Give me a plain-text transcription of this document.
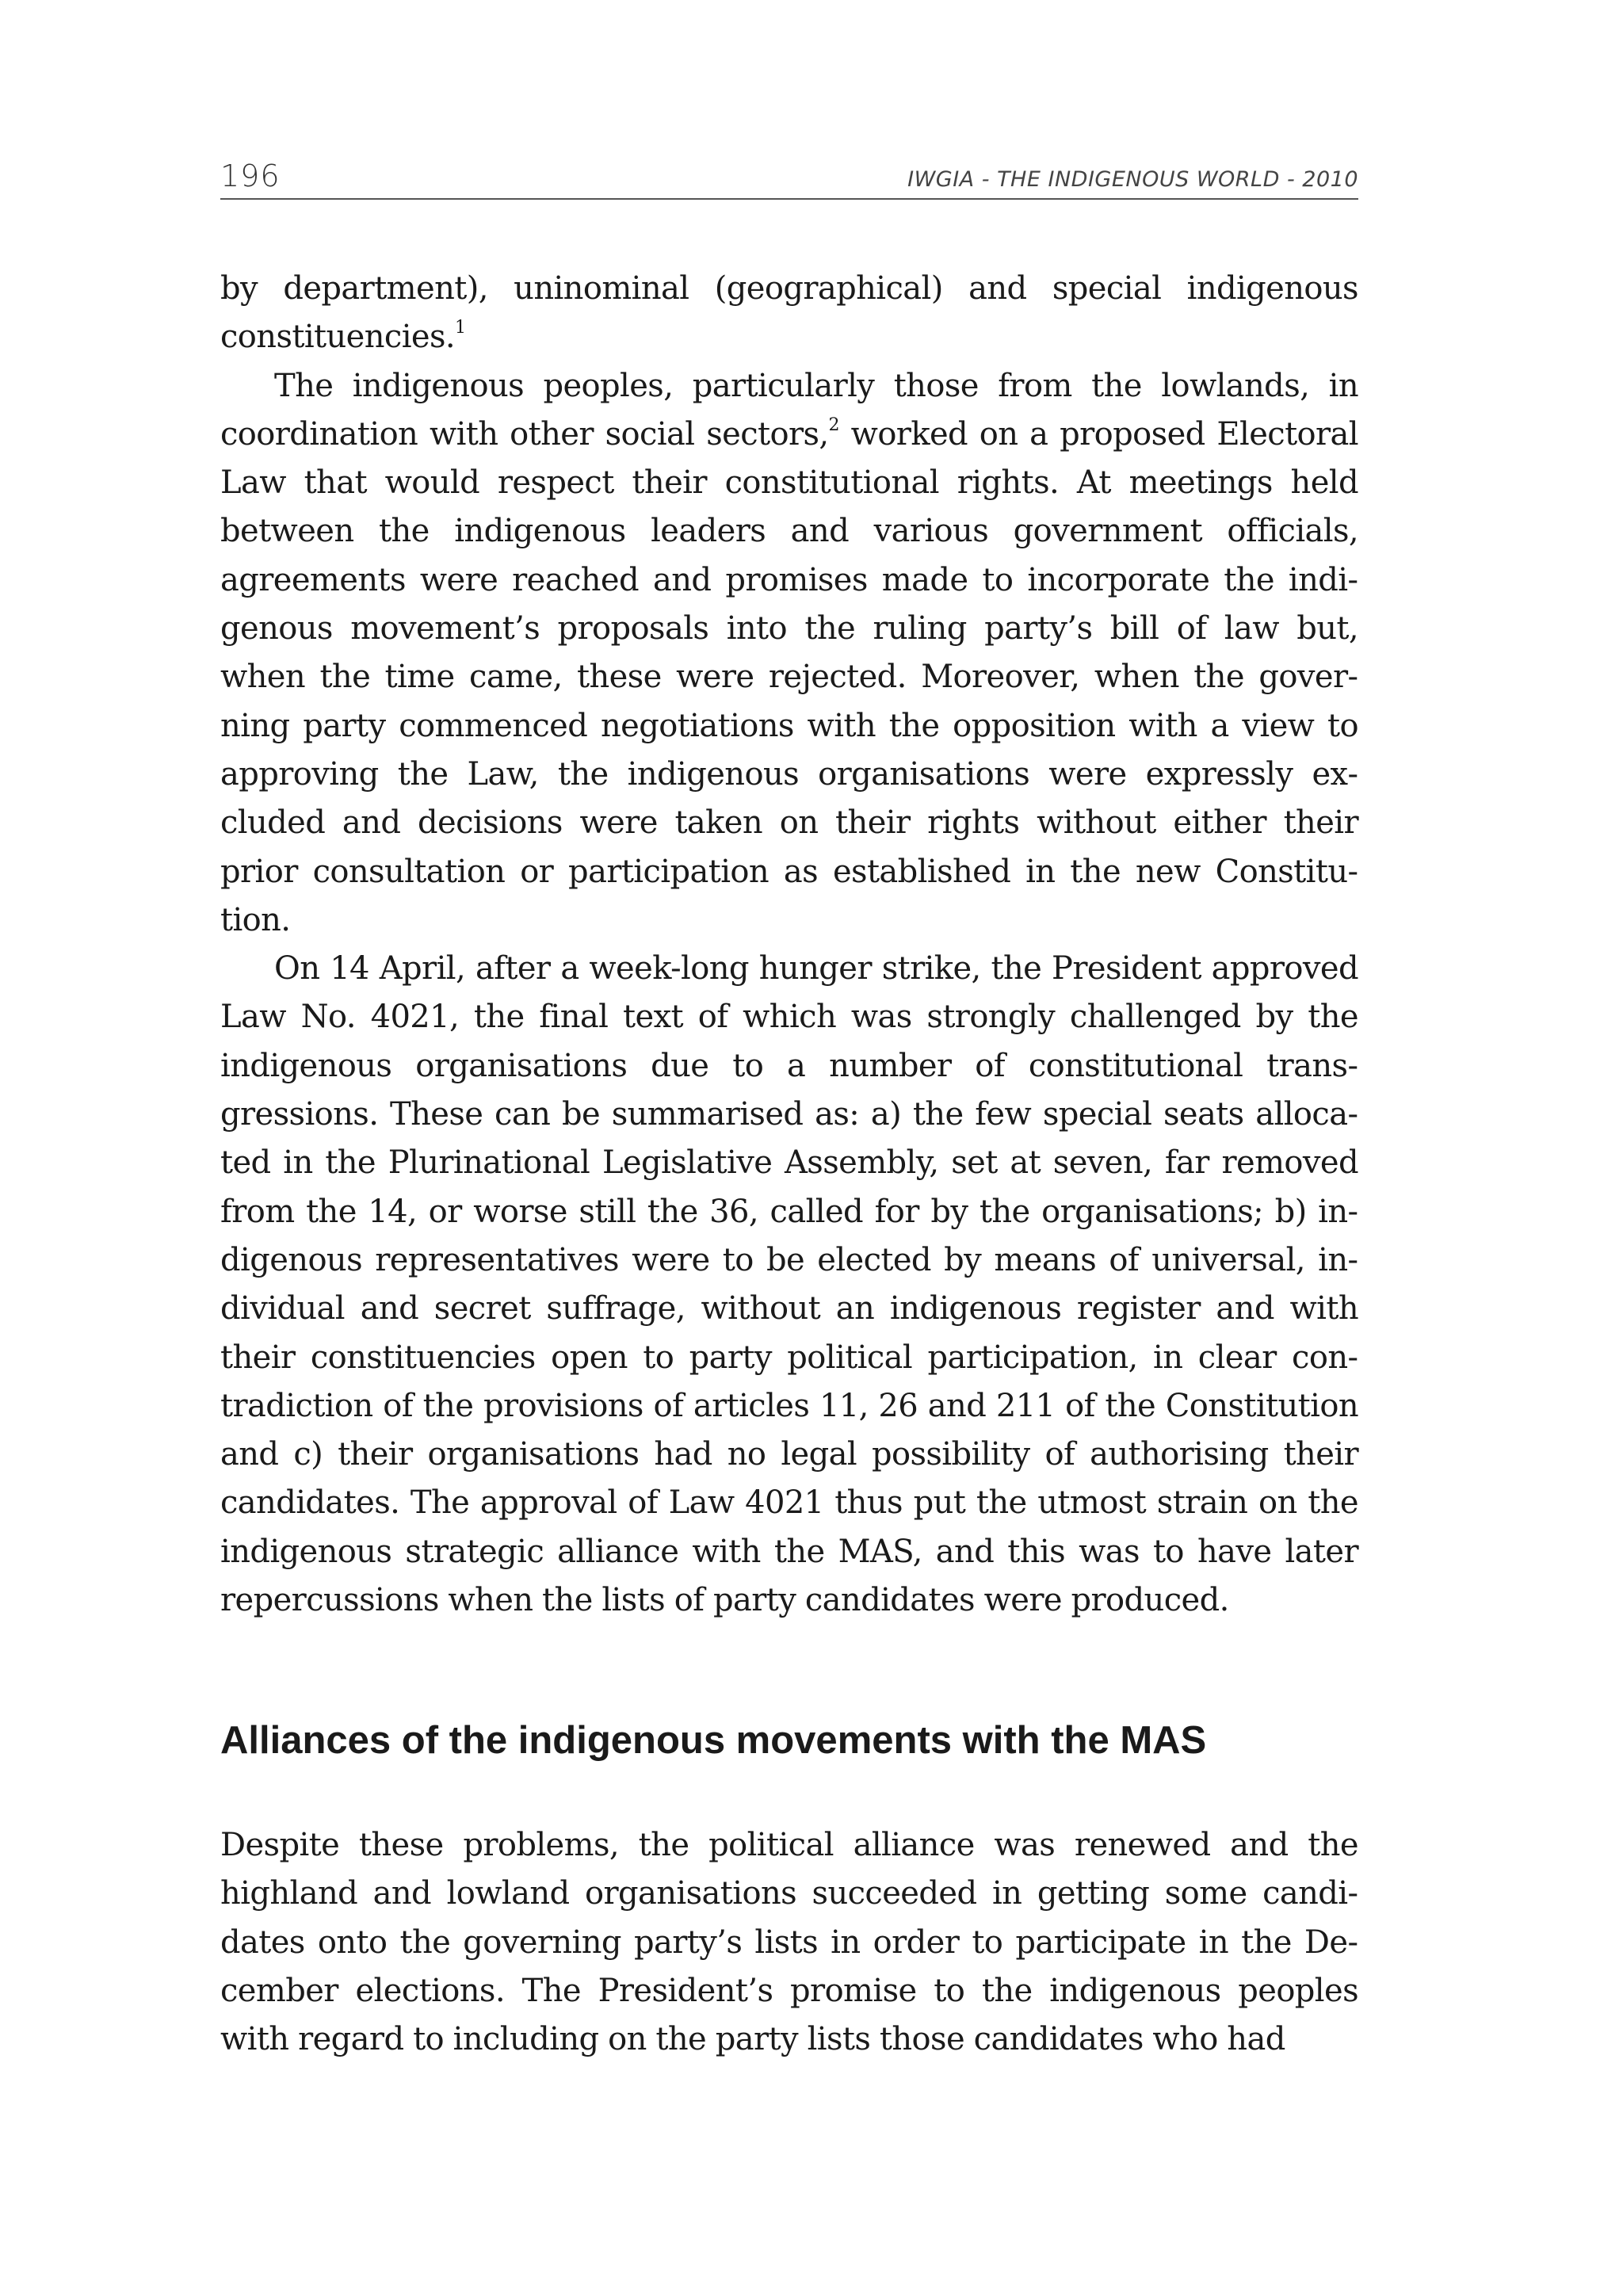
196	IWGIA - THE INDIGENOUS WORLD - 2010

by department), uninominal (geographical) and special indigenous constituencies.$^1$

The indigenous peoples, particularly those from the lowlands, in coordination with other social sectors,$^2$ worked on a proposed Electoral Law that would respect their constitutional rights. At meetings held between the indigenous leaders and various government officials, agreements were reached and promises made to incorporate the indigenous movement’s proposals into the ruling party’s bill of law but, when the time came, these were rejected. Moreover, when the governing party commenced negotiations with the opposition with a view to approving the Law, the indigenous organisations were expressly excluded and decisions were taken on their rights without either their prior consultation or participation as established in the new Constitution.

On 14 April, after a week-long hunger strike, the President approved Law No. 4021, the final text of which was strongly challenged by the indigenous organisations due to a number of constitutional transgressions. These can be summarised as: a) the few special seats allocated in the Plurinational Legislative Assembly, set at seven, far removed from the 14, or worse still the 36, called for by the organisations; b) indigenous representatives were to be elected by means of universal, individual and secret suffrage, without an indigenous register and with their constituencies open to party political participation, in clear contradiction of the provisions of articles 11, 26 and 211 of the Constitution and c) their organisations had no legal possibility of authorising their candidates. The approval of Law 4021 thus put the utmost strain on the indigenous strategic alliance with the MAS, and this was to have later repercussions when the lists of party candidates were produced.

Alliances of the indigenous movements with the MAS

Despite these problems, the political alliance was renewed and the highland and lowland organisations succeeded in getting some candidates onto the governing party’s lists in order to participate in the December elections. The President’s promise to the indigenous peoples with regard to including on the party lists those candidates who had
